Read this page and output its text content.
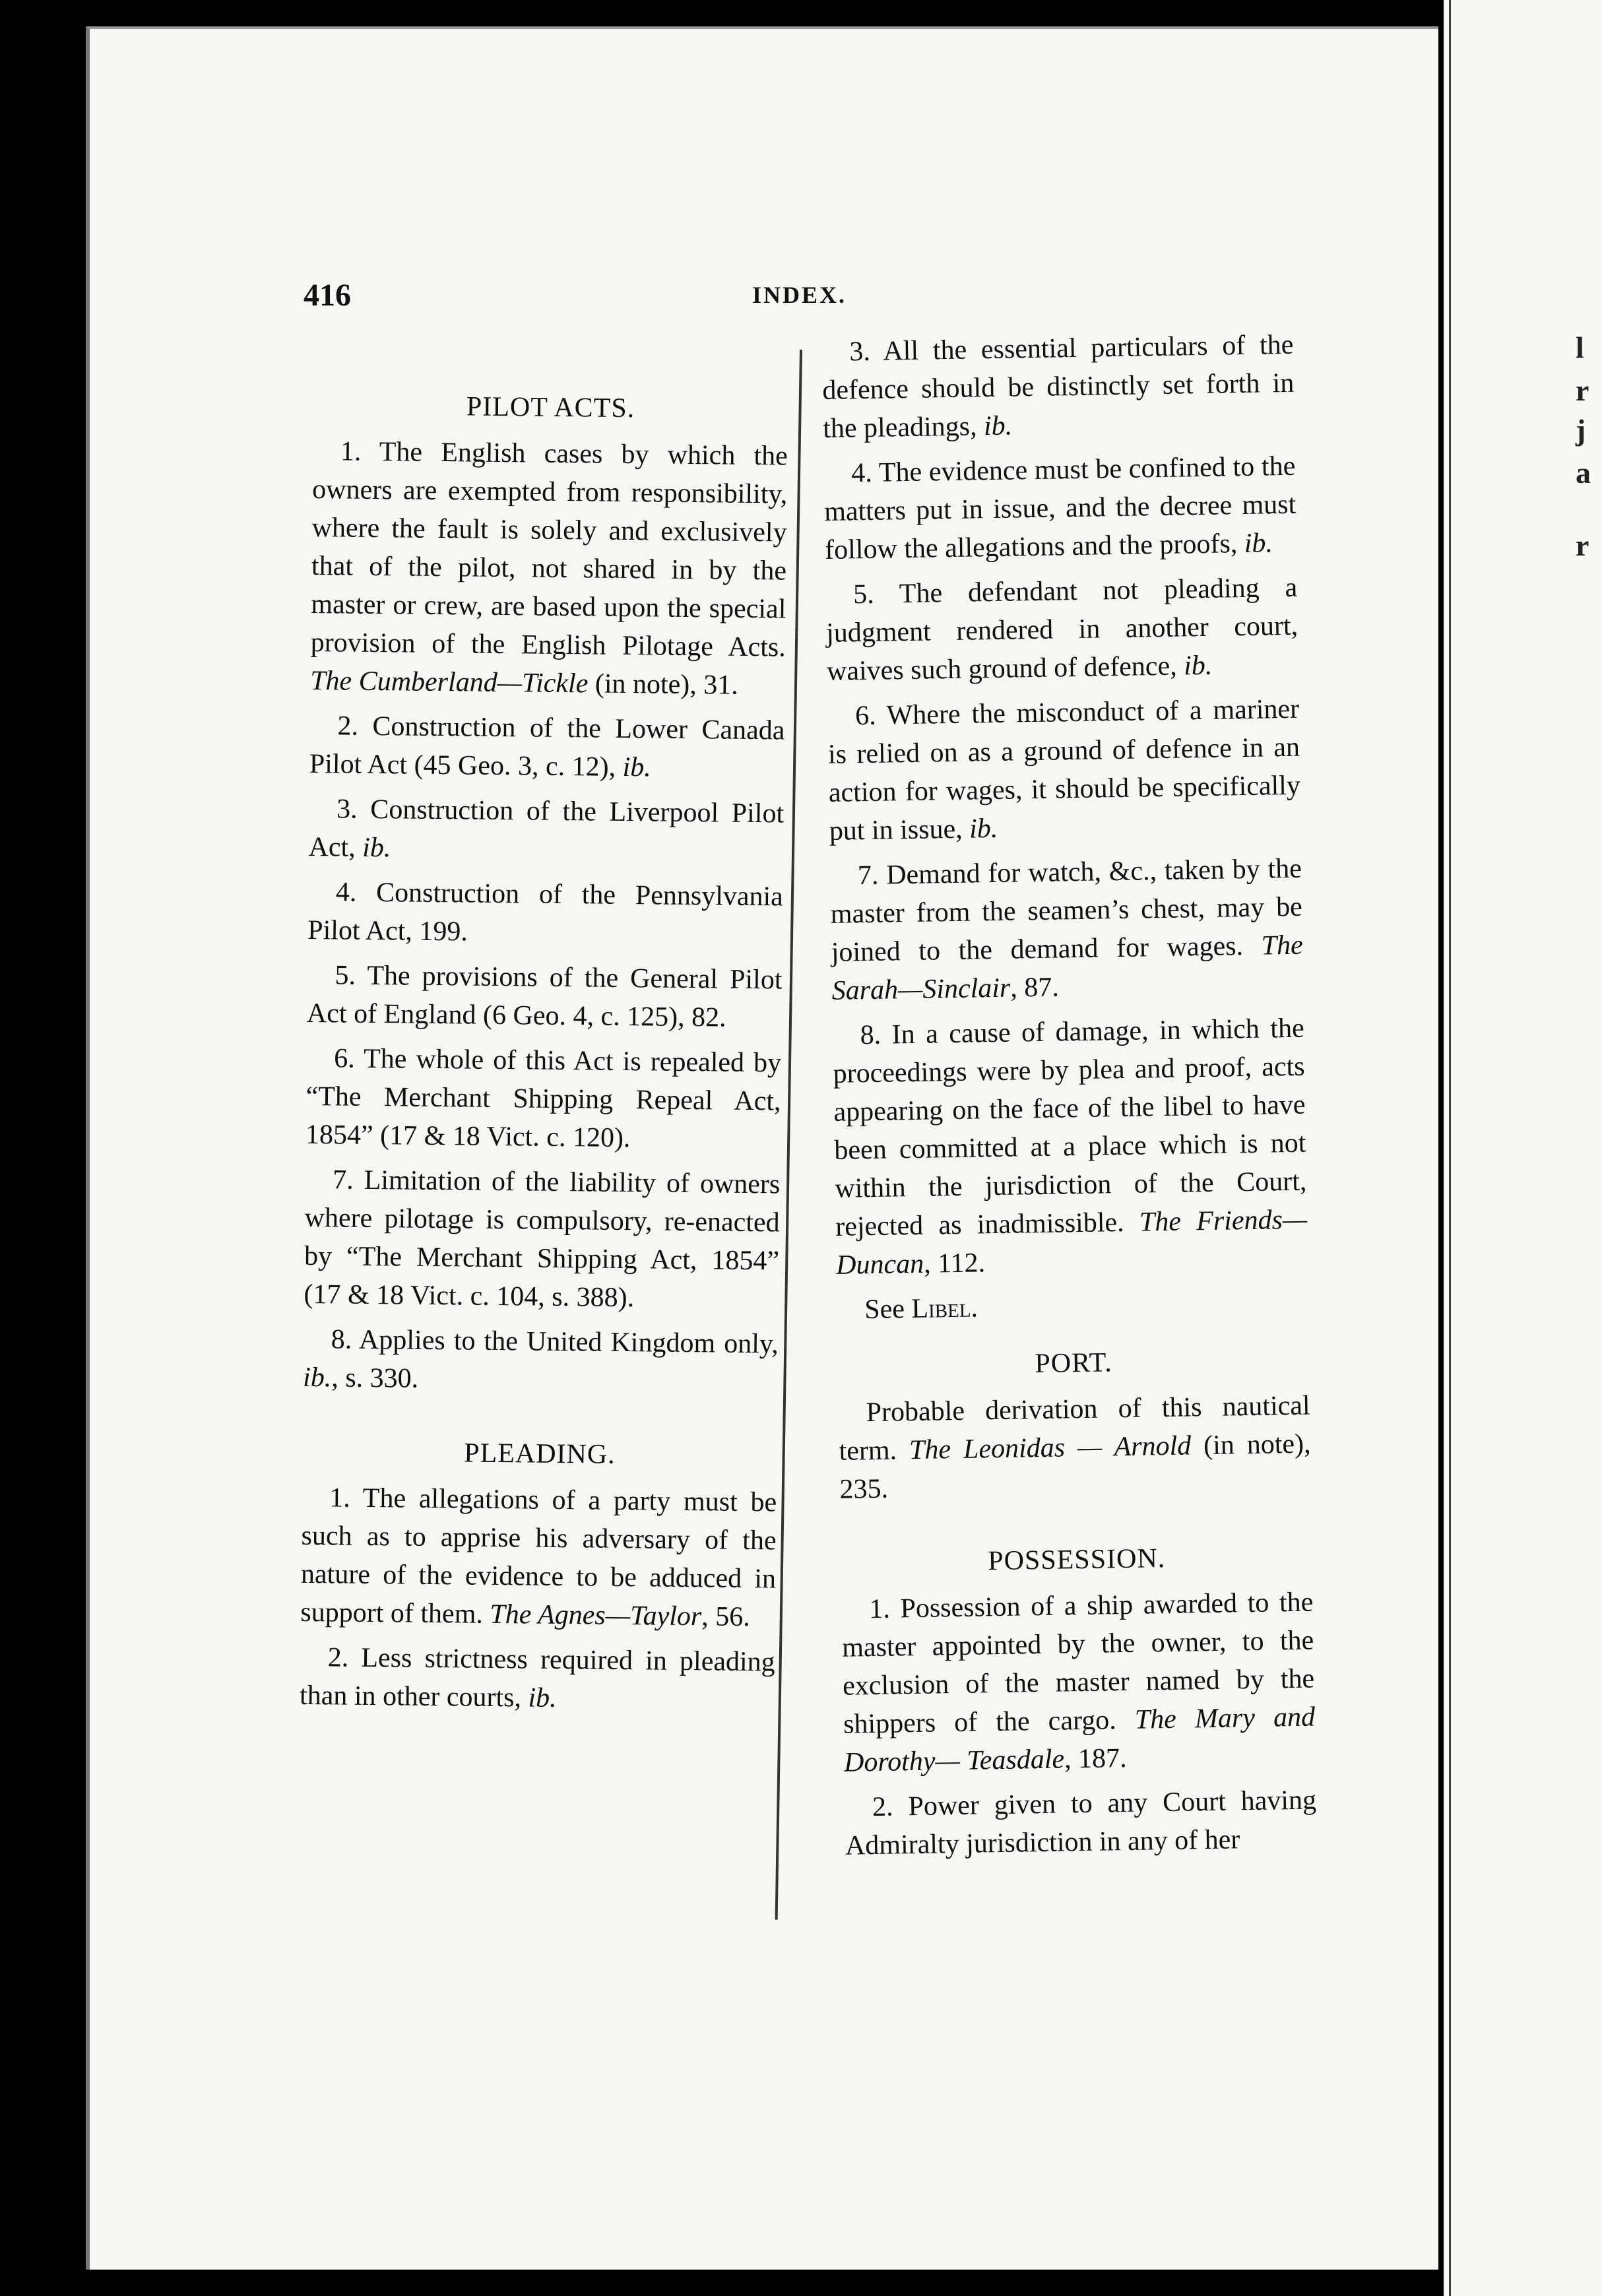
l
r
j
a
r
416	INDEX.
PILOT ACTS.

1. The English cases by which the owners are exempted from responsibility, where the fault is solely and exclusively that of the pilot, not shared in by the master or crew, are based upon the special provision of the English Pilotage Acts. The Cumberland—Tickle (in note), 31.

2. Construction of the Lower Canada Pilot Act (45 Geo. 3, c. 12), ib.

3. Construction of the Liverpool Pilot Act, ib.

4. Construction of the Pennsylvania Pilot Act, 199.

5. The provisions of the General Pilot Act of England (6 Geo. 4, c. 125), 82.

6. The whole of this Act is repealed by “The Merchant Shipping Repeal Act, 1854” (17 & 18 Vict. c. 120).

7. Limitation of the liability of owners where pilotage is compulsory, re-enacted by “The Merchant Shipping Act, 1854” (17 & 18 Vict. c. 104, s. 388).

8. Applies to the United Kingdom only, ib., s. 330.

PLEADING.

1. The allegations of a party must be such as to apprise his adversary of the nature of the evidence to be adduced in support of them. The Agnes—Taylor, 56.

2. Less strictness required in pleading than in other courts, ib.

3. All the essential particulars of the defence should be distinctly set forth in the pleadings, ib.

4. The evidence must be confined to the matters put in issue, and the decree must follow the allegations and the proofs, ib.

5. The defendant not pleading a judgment rendered in another court, waives such ground of defence, ib.

6. Where the misconduct of a mariner is relied on as a ground of defence in an action for wages, it should be specifically put in issue, ib.

7. Demand for watch, &c., taken by the master from the seamen’s chest, may be joined to the demand for wages. The Sarah—Sinclair, 87.

8. In a cause of damage, in which the proceedings were by plea and proof, acts appearing on the face of the libel to have been committed at a place which is not within the jurisdiction of the Court, rejected as inadmissible. The Friends—Duncan, 112.

See Libel.

PORT.

Probable derivation of this nautical term. The Leonidas — Arnold (in note), 235.

POSSESSION.

1. Possession of a ship awarded to the master appointed by the owner, to the exclusion of the master named by the shippers of the cargo. The Mary and Dorothy— Teasdale, 187.

2. Power given to any Court having Admiralty jurisdiction in any of her
